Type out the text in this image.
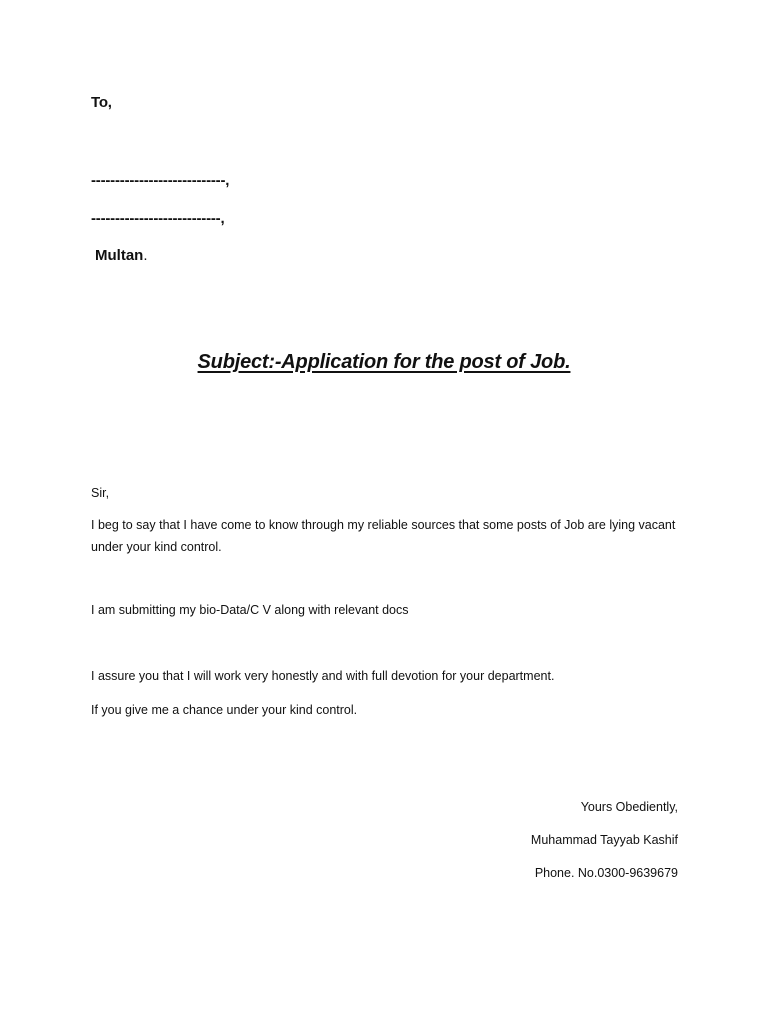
To,
----------------------------,
---------------------------,
Multan.
Subject:-Application for the post of Job.
Sir,
I beg to say that I have come to know through my reliable sources that some posts of Job are lying vacant under your kind control.
I am submitting my bio-Data/C V along with relevant docs
I assure you that I will work very honestly and with full devotion for your department.
If you give me a chance under your kind control.
Yours Obediently,
Muhammad Tayyab Kashif
Phone. No.0300-9639679
